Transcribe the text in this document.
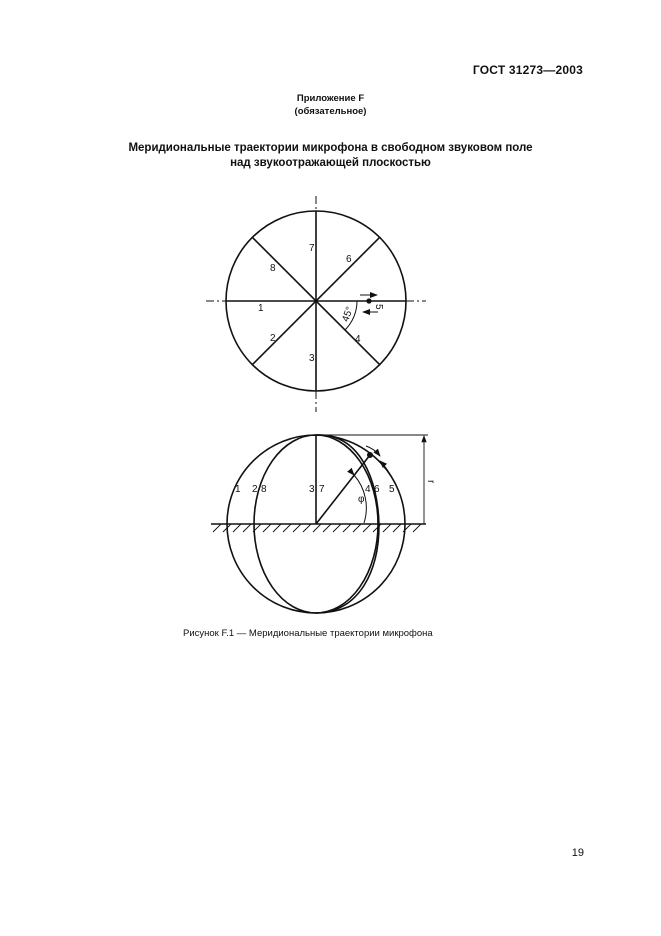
ГОСТ 31273—2003
Приложение F
(обязательное)
Меридиональные траектории микрофона в свободном звуковом поле
над звукоотражающей плоскостью
1
2
3
4
5
6
7
8
45°
1 2 8	3 7	4 6 5
φ
r
Рисунок F.1 — Меридиональные траектории микрофона
19
